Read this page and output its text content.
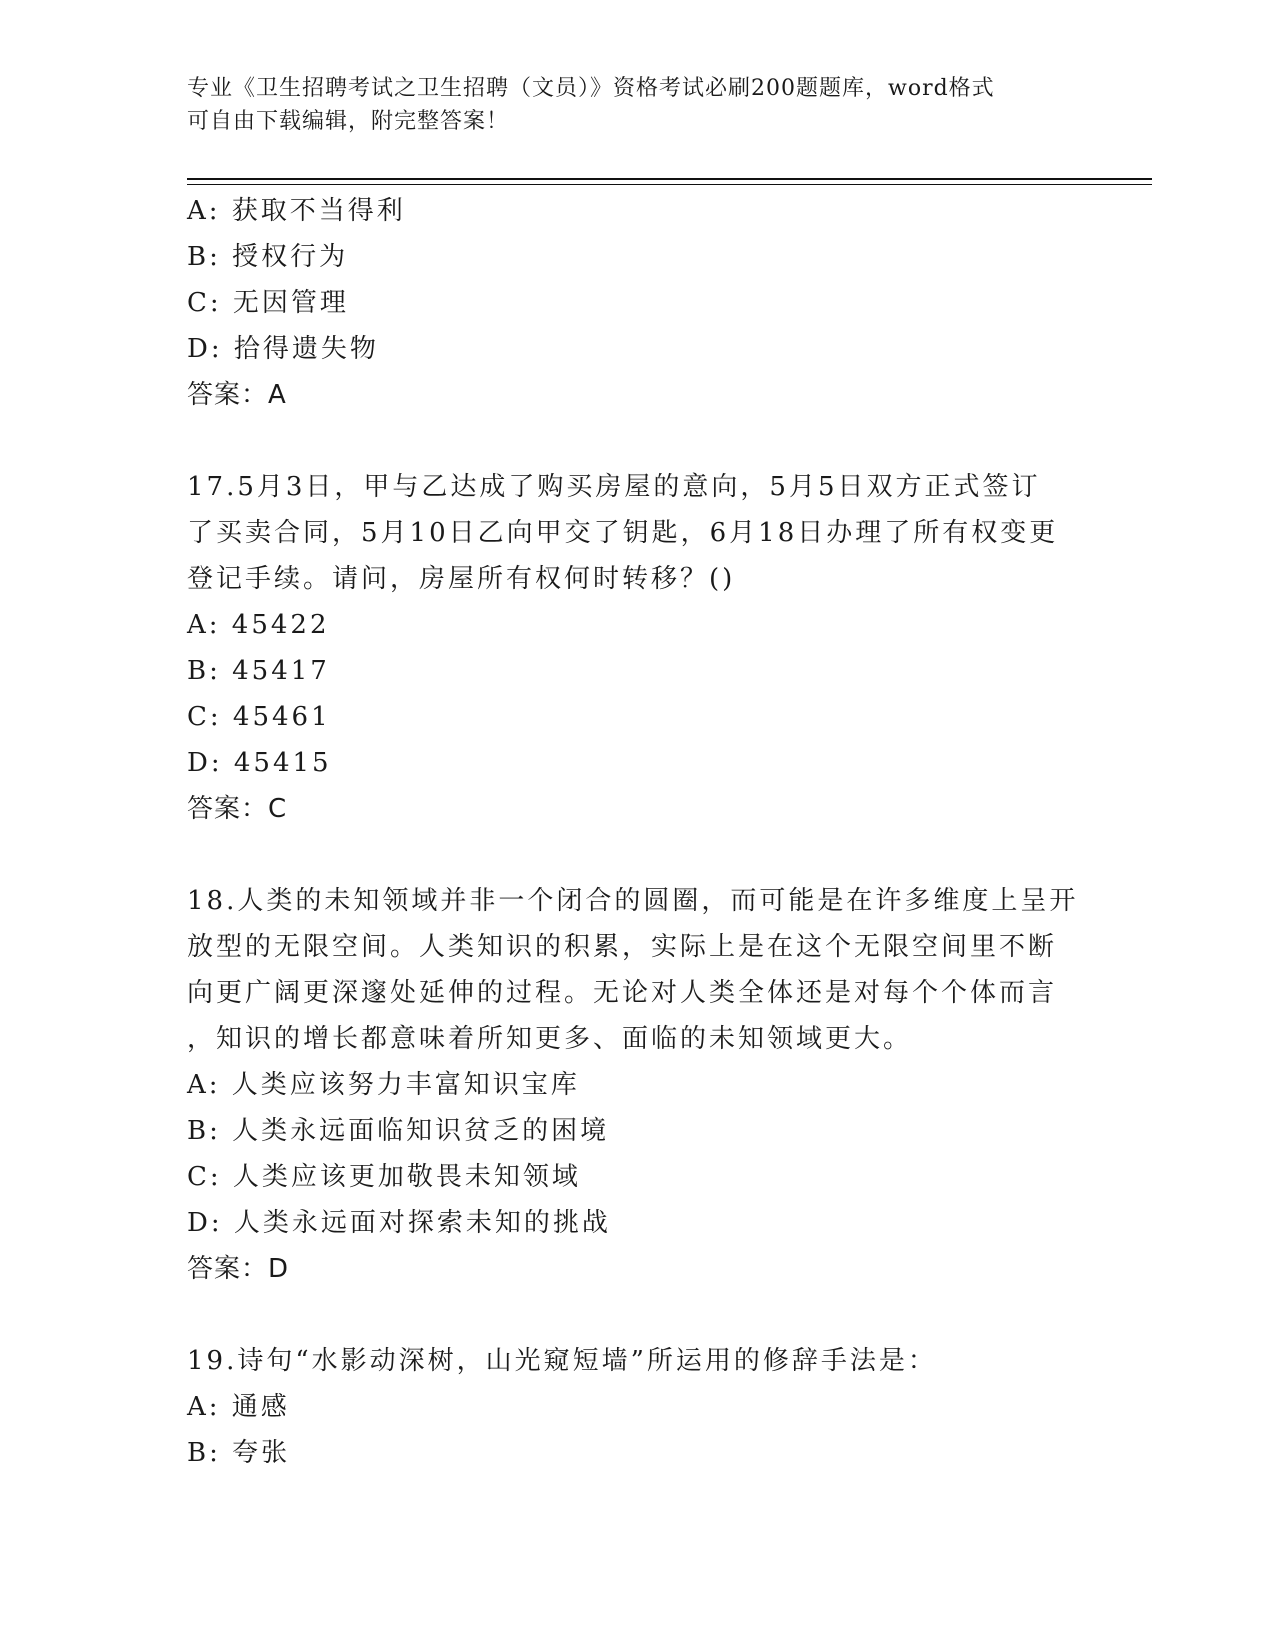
专业《卫生招聘考试之卫生招聘（文员）》资格考试必刷200题题库，word格式
可自由下载编辑，附完整答案！
A: 获取不当得利
B: 授权行为
C: 无因管理
D: 拾得遗失物
答案：A
17.5月3日，甲与乙达成了购买房屋的意向，5月5日双方正式签订
了买卖合同，5月10日乙向甲交了钥匙，6月18日办理了所有权变更
登记手续。请问，房屋所有权何时转移？()
A: 45422
B: 45417
C: 45461
D: 45415
答案：C
18.人类的未知领域并非一个闭合的圆圈，而可能是在许多维度上呈开
放型的无限空间。人类知识的积累，实际上是在这个无限空间里不断
向更广阔更深邃处延伸的过程。无论对人类全体还是对每个个体而言
，知识的增长都意味着所知更多、面临的未知领域更大。
A: 人类应该努力丰富知识宝库
B: 人类永远面临知识贫乏的困境
C: 人类应该更加敬畏未知领域
D: 人类永远面对探索未知的挑战
答案：D
19.诗句“水影动深树，山光窥短墙”所运用的修辞手法是：
A: 通感
B: 夸张
